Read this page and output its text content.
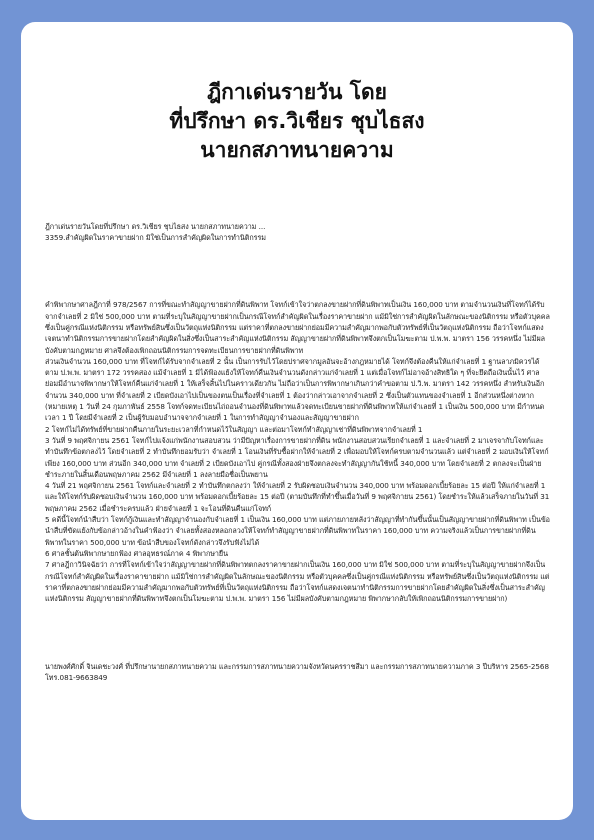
ฎีกาเด่นรายวัน โดย
ที่ปรึกษา ดร.วิเชียร ชุบไธสง
นายกสภาทนายความ

ฎีกาเด่นรายวันโดยที่ปรึกษา ดร.วิเชียร ชุบไธสง นายกสภาทนายความ ...
3359.สำคัญผิดในราคาขายฝาก มิใช่เป็นการสำคัญผิดในการทำนิติกรรม

คำพิพากษาศาลฎีกาที่ 978/2567 การที่ขณะทำสัญญาขายฝากที่ดินพิพาท โจทก์เข้าใจว่าตกลงขายฝากที่ดินพิพาทเป็นเงิน 160,000 บาท ตามจำนวนเงินที่โจทก์ได้รับจากจำเลยที่ 2 มิใช่ 500,000 บาท ตามที่ระบุในสัญญาขายฝากเป็นกรณีโจทก์สำคัญผิดในเรื่องราคาขายฝาก แม้มิใช่การสำคัญผิดในลักษณะของนิติกรรม หรือตัวบุคคลซึ่งเป็นคู่กรณีแห่งนิติกรรม หรือทรัพย์สินซึ่งเป็นวัตถุแห่งนิติกรรม แต่ราคาที่ตกลงขายฝากย่อมมีความสำคัญมากพอกับตัวทรัพย์ที่เป็นวัตถุแห่งนิติกรรม ถือว่าโจทก์แสดงเจตนาทำนิติกรรมการขายฝากโดยสำคัญผิดในสิ่งซึ่งเป็นสาระสำคัญแห่งนิติกรรม สัญญาขายฝากที่ดินพิพาทจึงตกเป็นโมฆะตาม ป.พ.พ. มาตรา 156 วรรคหนึ่ง ไม่มีผลบังคับตามกฎหมาย ศาลจึงต้องเพิกถอนนิติกรรมการจดทะเบียนการขายฝากที่ดินพิพาท
ส่วนเงินจำนวน 160,000 บาท ที่โจทก์ได้รับจากจำเลยที่ 2 นั้น เป็นการรับไว้โดยปราศจากมูลอันจะอ้างกฎหมายได้ โจทก์จึงต้องคืนให้แก่จำเลยที่ 1 ฐานลาภมิควรได้ตาม ป.พ.พ. มาตรา 172 วรรคสอง แม้จำเลยที่ 1 มิได้ฟ้องแย้งให้โจทก์คืนเงินจำนวนดังกล่าวแก่จำเลยที่ 1 แต่เมื่อโจทก์ไม่อาจอ้างสิทธิใด ๆ ที่จะยึดถือเงินนั้นไว้ ศาลย่อมมีอำนาจพิพากษาให้โจทก์คืนแก่จำเลยที่ 1 ให้เสร็จสิ้นไปในคราวเดียวกัน ไม่ถือว่าเป็นการพิพากษาเกินกว่าคำขอตาม ป.วิ.พ. มาตรา 142 วรรคหนึ่ง สำหรับเงินอีกจำนวน 340,000 บาท ที่จำเลยที่ 2 เบียดบังเอาไปเป็นของตนเป็นเรื่องที่จำเลยที่ 1 ต้องว่ากล่าวเอาจากจำเลยที่ 2 ซึ่งเป็นตัวแทนของจำเลยที่ 1 อีกส่วนหนึ่งต่างหาก
(หมายเหตุ 1 วันที่ 24 กุมภาพันธ์ 2558 โจทก์จดทะเบียนไถ่ถอนจำนองที่ดินพิพาทแล้วจดทะเบียนขายฝากที่ดินพิพาทให้แก่จำเลยที่ 1 เป็นเงิน 500,000 บาท มีกำหนดเวลา 1 ปี โดยมีจำเลยที่ 2 เป็นผู้รับมอบอำนาจจากจำเลยที่ 1 ในการทำสัญญาจำนองและสัญญาขายฝาก
2 โจทก์ไม่ได้ทรัพย์ที่ขายฝากคืนภายในระยะเวลาที่กำหนดไว้ในสัญญา และต่อมาโจทก์ทำสัญญาเช่าที่ดินพิพาทจากจำเลยที่ 1
3 วันที่ 9 พฤศจิกายน 2561 โจทก์ไปแจ้งแก่พนักงานสอบสวน ว่ามีปัญหาเรื่องการขายฝากที่ดิน พนักงานสอบสวนเรียกจำเลยที่ 1 และจำเลยที่ 2 มาเจรจากับโจทก์และทำบันทึกข้อตกลงไว้ โดยจำเลยที่ 2 ทำบันทึกยอมรับว่า จำเลยที่ 1 โอนเงินที่รับซื้อฝากให้จำเลยที่ 2 เพื่อมอบให้โจทก์ครบตามจำนวนแล้ว แต่จำเลยที่ 2 มอบเงินให้โจทก์เพียง 160,000 บาท ส่วนอีก 340,000 บาท จำเลยที่ 2 เบียดบังเอาไป คู่กรณีทั้งสองฝ่ายจึงตกลงจะทำสัญญากันใช้หนี้ 340,000 บาท โดยจำเลยที่ 2 ตกลงจะเป็นฝ่ายชำระภายในสิ้นเดือนพฤษภาคม 2562 มีจำเลยที่ 1 ลงลายมือชื่อเป็นพยาน
4 วันที่ 21 พฤศจิกายน 2561 โจทก์และจำเลยที่ 2 ทำบันทึกตกลงว่า ให้จำเลยที่ 2 รับผิดชอบเงินจำนวน 340,000 บาท พร้อมดอกเบี้ยร้อยละ 15 ต่อปี ให้แก่จำเลยที่ 1 และให้โจทก์รับผิดชอบเงินจำนวน 160,000 บาท พร้อมดอกเบี้ยร้อยละ 15 ต่อปี (ตามบันทึกที่ทำขึ้นเมื่อวันที่ 9 พฤศจิกายน 2561) โดยชำระให้แล้วเสร็จภายในวันที่ 31 พฤษภาคม 2562 เมื่อชำระครบแล้ว ฝ่ายจำเลยที่ 1 จะโอนที่ดินคืนแก่โจทก์
5 คดีนี้โจทก์นำสืบว่า โจทก์กู้เงินและทำสัญญาจำนองกับจำเลยที่ 1 เป็นเงิน 160,000 บาท แต่ภายภายหลังว่าสัญญาที่ทำกันขึ้นนั้นเป็นสัญญาขายฝากที่ดินพิพาท เป็นข้อนำสืบที่ขัดแย้งกับข้อกล่าวอ้างในคำฟ้องว่า จำเลยทั้งสองหลอกลวงให้โจทก์ทำสัญญาขายฝากที่ดินพิพาทในราคา 160,000 บาท ความจริงแล้วเป็นการขายฝากที่ดินพิพาทในราคา 500,000 บาท ข้อนำสืบของโจทก์ดังกล่าวจึงรับฟังไม่ได้
6 ศาลชั้นต้นพิพากษายกฟ้อง ศาลอุทธรณ์ภาค 4 พิพากษายืน
7 ศาลฎีกาวินิจฉัยว่า การที่โจทก์เข้าใจว่าสัญญาขายฝากที่ดินพิพาทตกลงราคาขายฝากเป็นเงิน 160,000 บาท มิใช่ 500,000 บาท ตามที่ระบุในสัญญาขายฝากจึงเป็นกรณีโจทก์สำคัญผิดในเรื่องราคาขายฝาก แม้มิใช่การสำคัญผิดในลักษณะของนิติกรรม หรือตัวบุคคลซึ่งเป็นคู่กรณีแห่งนิติกรรม หรือทรัพย์สินซึ่งเป็นวัตถุแห่งนิติกรรม แต่ราคาที่ตกลงขายฝากย่อมมีความสำคัญมากพอกับตัวทรัพย์ที่เป็นวัตถุแห่งนิติกรรม ถือว่าโจทก์แสดงเจตนาทำนิติกรรมการขายฝากโดยสำคัญผิดในสิ่งซึ่งเป็นสาระสำคัญแห่งนิติกรรม สัญญาขายฝากที่ดินพิพาทจึงตกเป็นโมฆะตาม ป.พ.พ. มาตรา 156 ไม่มีผลบังคับตามกฎหมาย พิพากษากลับให้เพิกถอนนิติกรรมการขายฝาก)

นายพงศ์ศักดิ์ จินเดชะวงศ์ ที่ปรึกษานายกสภาทนายความ และกรรมการสภาทนายความจังหวัดนครราชสีมา และกรรมการสภาทนายความภาค 3 ปีบริหาร 2565-2568 โทร.081-9663849
